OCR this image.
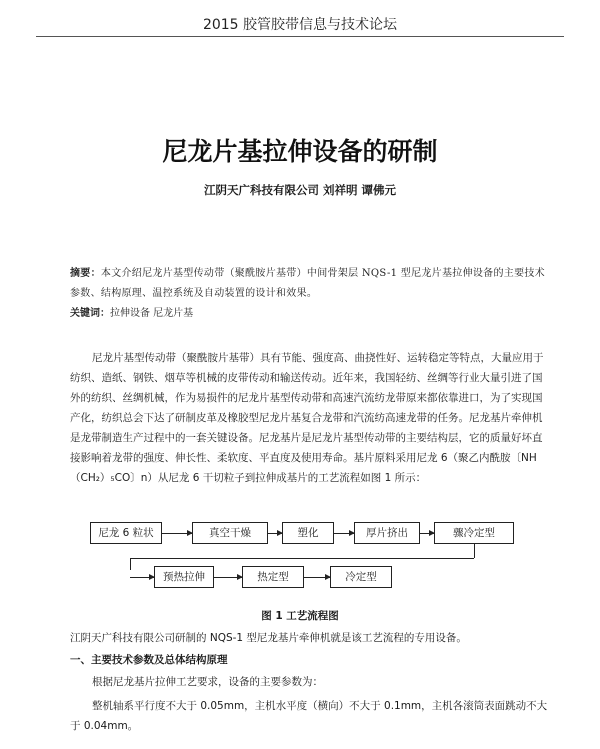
2015 胶管胶带信息与技术论坛
尼龙片基拉伸设备的研制
江阴天广科技有限公司 刘祥明 谭佛元
摘要：本文介绍尼龙片基型传动带（聚酰胺片基带）中间骨架层 NQS-1 型尼龙片基拉伸设备的主要技术参数、结构原理、温控系统及自动装置的设计和效果。
关键词：拉伸设备 尼龙片基
尼龙片基型传动带（聚酰胺片基带）具有节能、强度高、曲挠性好、运转稳定等特点，大量应用于纺织、造纸、钢铁、烟草等机械的皮带传动和输送传动。近年来，我国轻纺、丝绸等行业大量引进了国外的纺织、丝绸机械，作为易损件的尼龙片基型传动带和高速汽流纺龙带原来都依靠进口，为了实现国产化，纺织总会下达了研制皮革及橡胶型尼龙片基复合龙带和汽流纺高速龙带的任务。尼龙基片牵伸机是龙带制造生产过程中的一套关键设备。尼龙基片是尼龙片基型传动带的主要结构层，它的质量好坏直接影响着龙带的强度、伸长性、柔软度、平直度及使用寿命。基片原料采用尼龙 6（聚乙内酰胺〔NH（CH₂）₅CO〕n）从尼龙 6 干切粒子到拉伸成基片的工艺流程如图 1 所示：
尼龙 6 粒状	真空干燥	塑化	厚片挤出	骤冷定型
预热拉伸	热定型	冷定型
图 1 工艺流程图
江阴天广科技有限公司研制的 NQS-1 型尼龙基片牵伸机就是该工艺流程的专用设备。
一、主要技术参数及总体结构原理
根据尼龙基片拉伸工艺要求，设备的主要参数为：
整机轴系平行度不大于 0.05mm，主机水平度（横向）不大于 0.1mm，主机各滚筒表面跳动不大
于 0.04mm。
